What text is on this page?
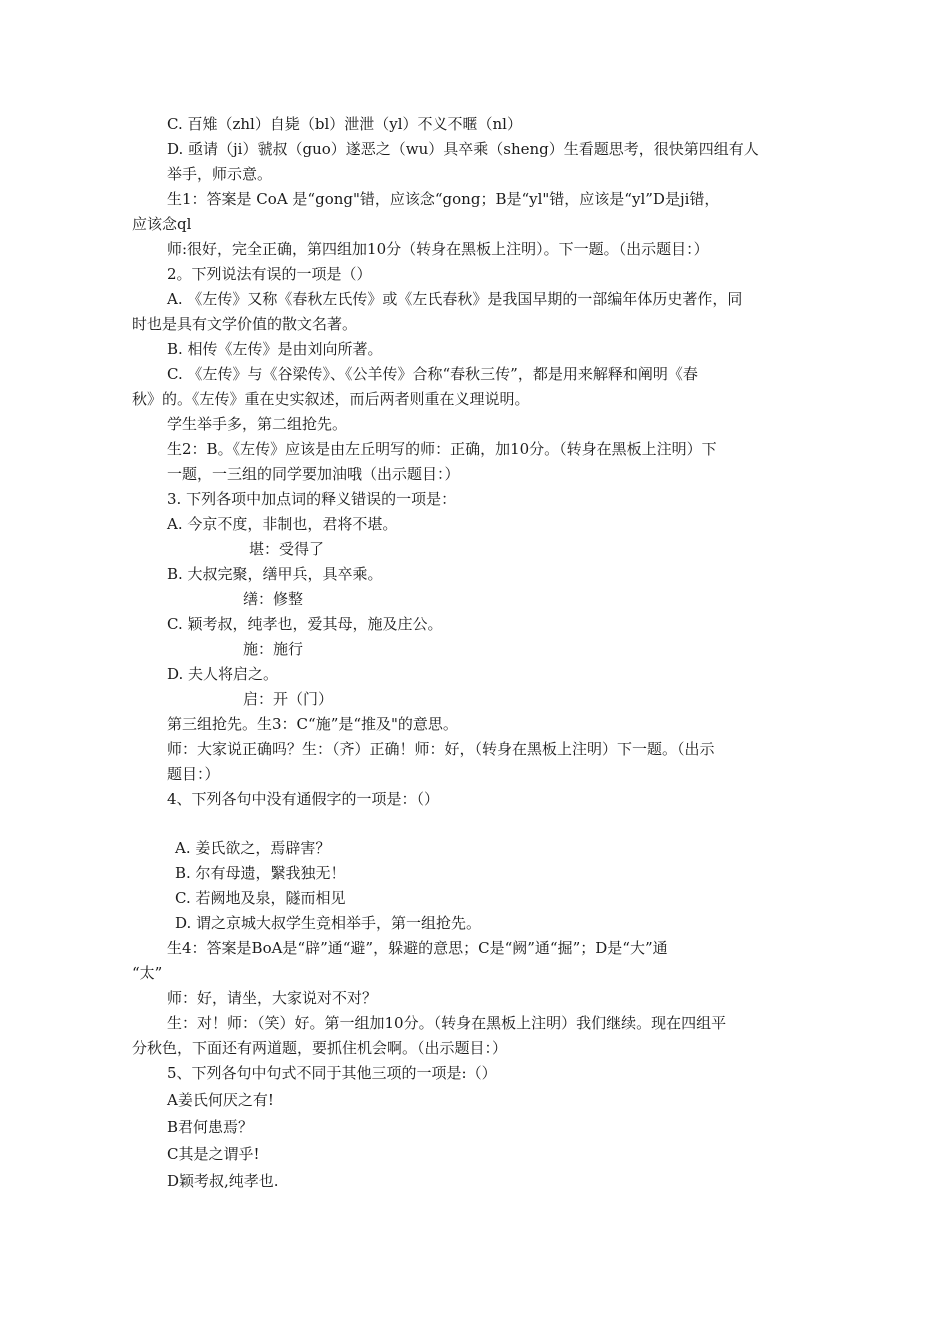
C. 百雉（zhl）自毙（bl）泄泄（yl）不义不暱（nl）
D. 亟请（ji）虢叔（guo）遂恶之（wu）具卒乘（sheng）生看题思考，很快第四组有人
举手，师示意。
生1：答案是 CoA 是“gong"错，应该念“gong；B是“yl"错，应该是“yl”D是ji错，
应该念ql
师:很好，完全正确，第四组加10分（转身在黑板上注明）。下一题。（出示题目：）
2。下列说法有误的一项是（）
A. 《左传》又称《春秋左氏传》或《左氏春秋》是我国早期的一部编年体历史著作，同
时也是具有文学价值的散文名著。
B. 相传《左传》是由刘向所著。
C. 《左传》与《谷梁传》、《公羊传》合称“春秋三传”，都是用来解释和阐明《春
秋》的。《左传》重在史实叙述，而后两者则重在义理说明。
学生举手多，第二组抢先。
生2：B。《左传》应该是由左丘明写的师：正确，加10分。（转身在黑板上注明）下
一题，一三组的同学要加油哦（出示题目：）
3. 下列各项中加点词的释义错误的一项是：
A. 今京不度，非制也，君将不堪。
堪：受得了
B. 大叔完聚，缮甲兵，具卒乘。
缮：修整
C. 颖考叔，纯孝也，爱其母，施及庄公。
施：施行
D. 夫人将启之。
启：开（门）
第三组抢先。生3：C“施”是“推及"的意思。
师：大家说正确吗？生：（齐）正确！师：好，（转身在黑板上注明）下一题。（出示
题目：）
4、下列各句中没有通假字的一项是：（）
A. 姜氏欲之，焉辟害？
B. 尔有母遗，繄我独无！
C. 若阙地及泉，隧而相见
D. 谓之京城大叔学生竞相举手，第一组抢先。
生4：答案是BoA是“辟”通“避”，躲避的意思；C是“阙”通“掘”；D是“大”通
“太”
师：好，请坐，大家说对不对？
生：对！师：（笑）好。第一组加10分。（转身在黑板上注明）我们继续。现在四组平
分秋色，下面还有两道题，要抓住机会啊。（出示题目：）
5、下列各句中句式不同于其他三项的一项是:（）
A姜氏何厌之有!
B君何患焉？
C其是之谓乎!
D颖考叔,纯孝也.
